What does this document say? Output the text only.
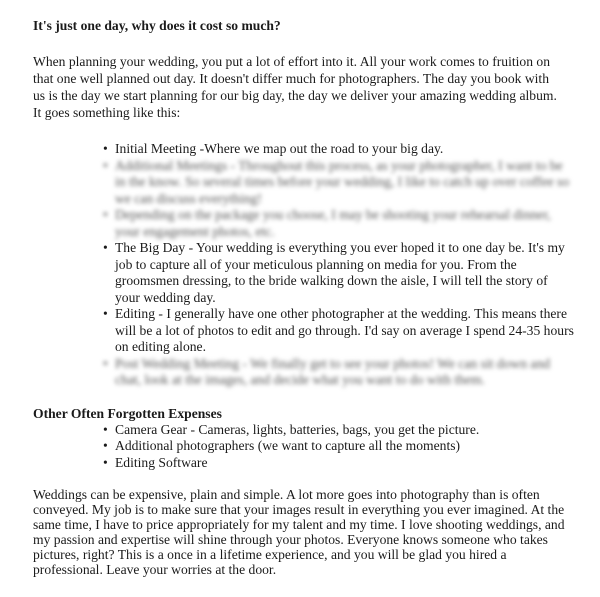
It's just one day, why does it cost so much?

When planning your wedding, you put a lot of effort into it. All your work comes to fruition on that one well planned out day. It doesn't differ much for photographers. The day you book with us is the day we start planning for our big day, the day we deliver your amazing wedding album. It goes something like this:

• Initial Meeting -Where we map out the road to your big day.
• Additional Meetings - Throughout this process, as your photographer, I want to be in the know. So several times before your wedding, I like to catch up over coffee so we can discuss everything!
• Depending on the package you choose, I may be shooting your rehearsal dinner, your engagement photos, etc.
• The Big Day - Your wedding is everything you ever hoped it to one day be. It's my job to capture all of your meticulous planning on media for you. From the groomsmen dressing, to the bride walking down the aisle, I will tell the story of your wedding day.
• Editing - I generally have one other photographer at the wedding. This means there will be a lot of photos to edit and go through. I'd say on average I spend 24-35 hours on editing alone.
• Post Wedding Meeting - We finally get to see your photos! We can sit down and chat, look at the images, and decide what you want to do with them.
Other Often Forgotten Expenses
• Camera Gear - Cameras, lights, batteries, bags, you get the picture.
• Additional photographers (we want to capture all the moments)
• Editing Software

Weddings can be expensive, plain and simple. A lot more goes into photography than is often conveyed. My job is to make sure that your images result in everything you ever imagined. At the same time, I have to price appropriately for my talent and my time. I love shooting weddings, and my passion and expertise will shine through your photos. Everyone knows someone who takes pictures, right? This is a once in a lifetime experience, and you will be glad you hired a professional. Leave your worries at the door.
